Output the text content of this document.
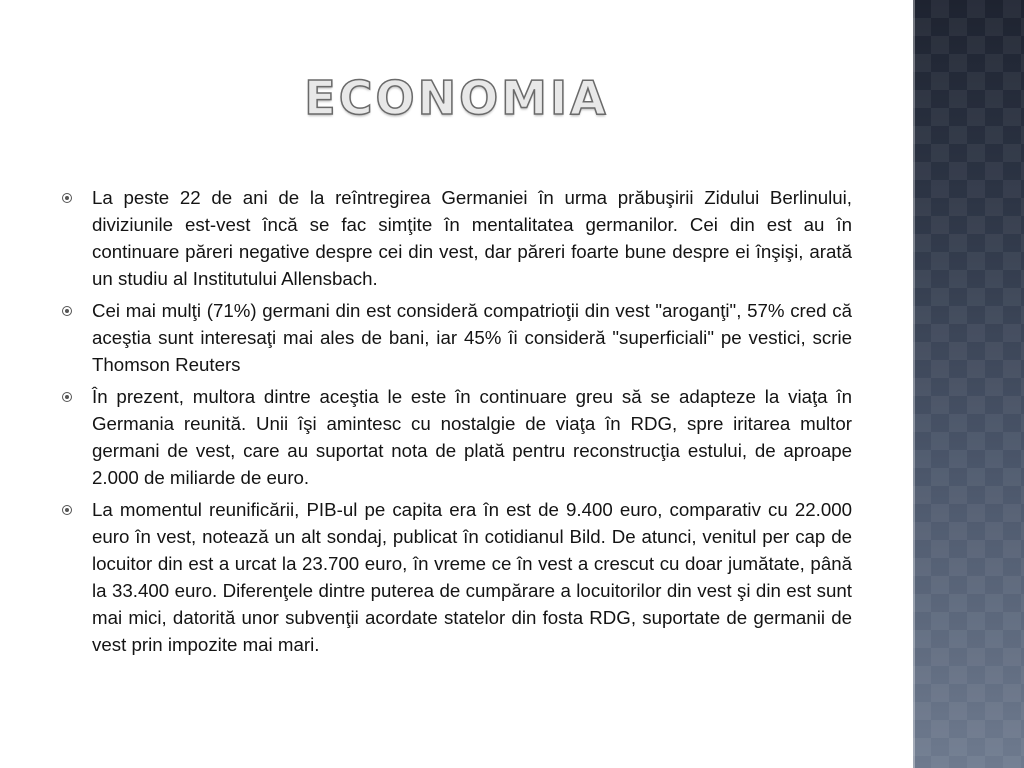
ECONOMIA

La peste 22 de ani de la reîntregirea Germaniei în urma prăbuşirii Zidului Berlinului, diviziunile est-vest încă se fac simţite în mentalitatea germanilor. Cei din est au în continuare păreri negative despre cei din vest, dar păreri foarte bune despre ei înşişi, arată un studiu al Institutului Allensbach.

Cei mai mulţi (71%) germani din est consideră compatrioţii din vest "aroganţi", 57% cred că aceştia sunt interesaţi mai ales de bani, iar 45% îi consideră "superficiali" pe vestici, scrie Thomson Reuters

În prezent, multora dintre aceştia le este în continuare greu să se adapteze la viaţa în Germania reunită. Unii îşi amintesc cu nostalgie de viaţa în RDG, spre iritarea multor germani de vest, care au suportat nota de plată pentru reconstrucţia estului, de aproape 2.000 de miliarde de euro.

La momentul reunificării, PIB-ul pe capita era în est de 9.400 euro, comparativ cu 22.000 euro în vest, notează un alt sondaj, publicat în cotidianul Bild. De atunci, venitul per cap de locuitor din est a urcat la 23.700 euro, în vreme ce în vest a crescut cu doar jumătate, până la 33.400 euro. Diferenţele dintre puterea de cumpărare a locuitorilor din vest şi din est sunt mai mici, datorită unor subvenţii acordate statelor din fosta RDG, suportate de germanii de vest prin impozite mai mari.
